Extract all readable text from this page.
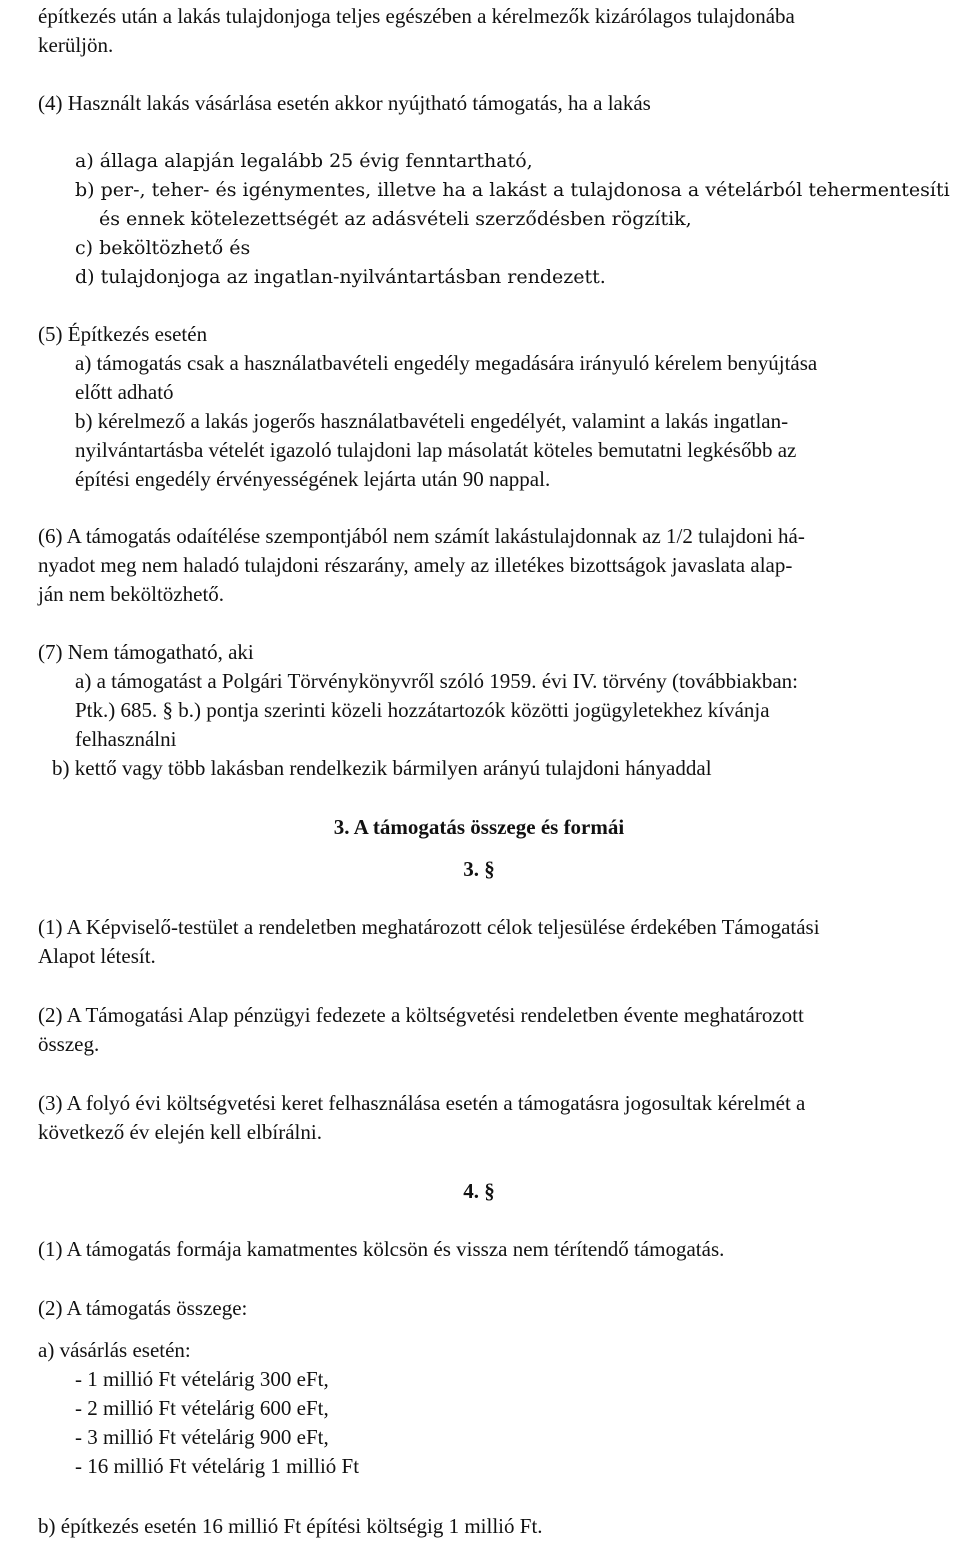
építkezés után a lakás tulajdonjoga teljes egészében a kérelmezők kizárólagos tulajdonába

kerüljön.

(4) Használt lakás vásárlása esetén akkor nyújtható támogatás, ha a lakás

a) állaga alapján legalább 25 évig fenntartható,

b) per-, teher- és igénymentes, illetve ha a lakást a tulajdonosa a vételárból tehermentesíti

és ennek kötelezettségét az adásvételi szerződésben rögzítik,

c) beköltözhető és

d) tulajdonjoga az ingatlan-nyilvántartásban rendezett.

(5) Építkezés esetén

a) támogatás csak a használatbavételi engedély megadására irányuló kérelem benyújtása

előtt adható

b) kérelmező a lakás jogerős használatbavételi engedélyét, valamint a lakás ingatlan-

nyilvántartásba vételét igazoló tulajdoni lap másolatát köteles bemutatni legkésőbb az

építési engedély érvényességének lejárta után 90 nappal.

(6) A támogatás odaítélése szempontjából nem számít lakástulajdonnak az 1/2 tulajdoni há-

nyadot meg nem haladó tulajdoni részarány, amely az illetékes bizottságok javaslata alap-

ján nem beköltözhető.

(7) Nem támogatható, aki

a) a támogatást a Polgári Törvénykönyvről szóló 1959. évi IV. törvény (továbbiakban:

Ptk.) 685. § b.) pontja szerinti közeli hozzátartozók közötti jogügyletekhez kívánja

felhasználni

b) kettő vagy több lakásban rendelkezik bármilyen arányú tulajdoni hányaddal

3. A támogatás összege és formái

3. §

(1) A Képviselő-testület a rendeletben meghatározott célok teljesülése érdekében Támogatási

Alapot létesít.

(2) A Támogatási Alap pénzügyi fedezete a költségvetési rendeletben évente meghatározott

összeg.

(3) A folyó évi költségvetési keret felhasználása esetén a támogatásra jogosultak kérelmét a

következő év elején kell elbírálni.

4. §

(1) A támogatás formája kamatmentes kölcsön és vissza nem térítendő támogatás.

(2) A támogatás összege:

a) vásárlás esetén:

- 1 millió Ft vételárig 300 eFt,

- 2 millió Ft vételárig 600 eFt,

- 3 millió Ft vételárig 900 eFt,

- 16 millió Ft vételárig 1 millió Ft

b) építkezés esetén 16 millió Ft építési költségig 1 millió Ft.
